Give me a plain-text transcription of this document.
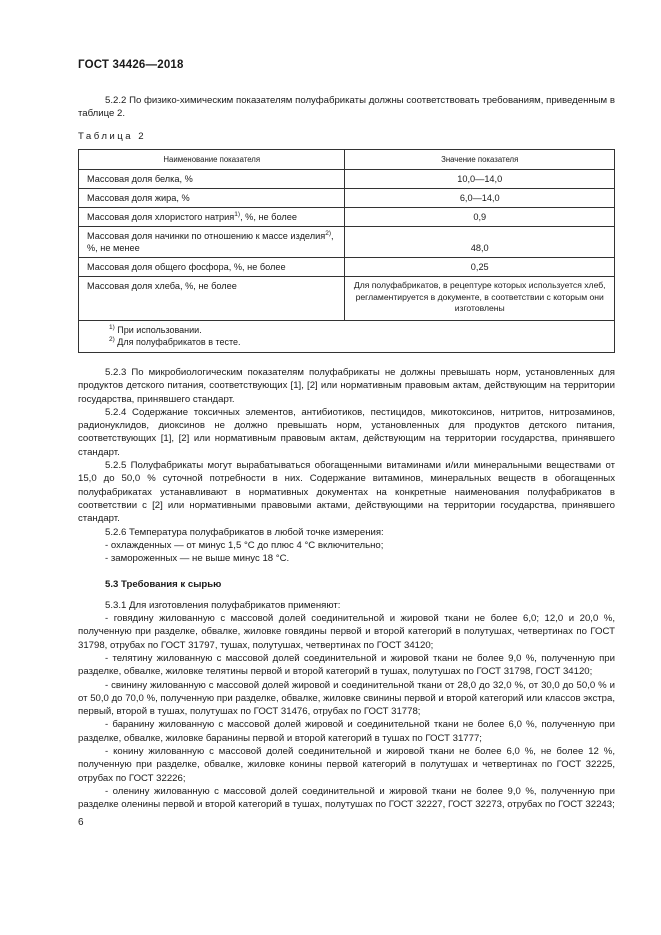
ГОСТ 34426—2018

5.2.2 По физико-химическим показателям полуфабрикаты должны соответствовать требованиям, приведенным в таблице 2.

Таблица 2
Наименование показателя	Значение показателя
Массовая доля белка, %	10,0—14,0
Массовая доля жира, %	6,0—14,0
Массовая доля хлористого натрия$^{1)}$, %, не более	0,9
Массовая доля начинки по отношению к массе изделия$^{2)}$, %, не менее	48,0
Массовая доля общего фосфора, %, не более	0,25
Массовая доля хлеба, %, не более	Для полуфабрикатов, в рецептуре которых используется хлеб, регламентируется в документе, в соответствии с которым они изготовлены

$^{1)}$ При использовании.
$^{2)}$ Для полуфабрикатов в тесте.	

5.2.3 По микробиологическим показателям полуфабрикаты не должны превышать норм, установленных для продуктов детского питания, соответствующих [1], [2] или нормативным правовым актам, действующим на территории государства, принявшего стандарт.

5.2.4 Содержание токсичных элементов, антибиотиков, пестицидов, микотоксинов, нитритов, нитрозаминов, радионуклидов, диоксинов не должно превышать норм, установленных для продуктов детского питания, соответствующих [1], [2] или нормативным правовым актам, действующим на территории государства, принявшего стандарт.

5.2.5 Полуфабрикаты могут вырабатываться обогащенными витаминами и/или минеральными веществами от 15,0 до 50,0 % суточной потребности в них. Содержание витаминов, минеральных веществ в обогащенных полуфабрикатах устанавливают в нормативных документах на конкретные наименования полуфабрикатов в соответствии с [2] или нормативными правовыми актами, действующими на территории государства, принявшего стандарт.

5.2.6 Температура полуфабрикатов в любой точке измерения:

- охлажденных — от минус 1,5 °С до плюс 4 °С включительно;

- замороженных — не выше минус 18 °С.

5.3 Требования к сырью

5.3.1 Для изготовления полуфабрикатов применяют:

- говядину жилованную с массовой долей соединительной и жировой ткани не более 6,0; 12,0 и 20,0 %, полученную при разделке, обвалке, жиловке говядины первой и второй категорий в полутушах, четвертинах по ГОСТ 31798, отрубах по ГОСТ 31797, тушах, полутушах, четвертинах по ГОСТ 34120;

- телятину жилованную с массовой долей соединительной и жировой ткани не более 9,0 %, полученную при разделке, обвалке, жиловке телятины первой и второй категорий в тушах, полутушах по ГОСТ 31798, ГОСТ 34120;

- свинину жилованную с массовой долей жировой и соединительной ткани от 28,0 до 32,0 %, от 30,0 до 50,0 % и от 50,0 до 70,0 %, полученную при разделке, обвалке, жиловке свинины первой и второй категорий или классов экстра, первый, второй в тушах, полутушах по ГОСТ 31476, отрубах по ГОСТ 31778;

- баранину жилованную с массовой долей жировой и соединительной ткани не более 6,0 %, полученную при разделке, обвалке, жиловке баранины первой и второй категорий в тушах по ГОСТ 31777;

- конину жилованную с массовой долей соединительной и жировой ткани не более 6,0 %, не более 12 %, полученную при разделке, обвалке, жиловке конины первой категорий в полутушах и четвертинах по ГОСТ 32225, отрубах по ГОСТ 32226;

- оленину жилованную с массовой долей соединительной и жировой ткани не более 9,0 %, полученную при разделке оленины первой и второй категорий в тушах, полутушах по ГОСТ 32227, ГОСТ 32273, отрубах по ГОСТ 32243;

6
